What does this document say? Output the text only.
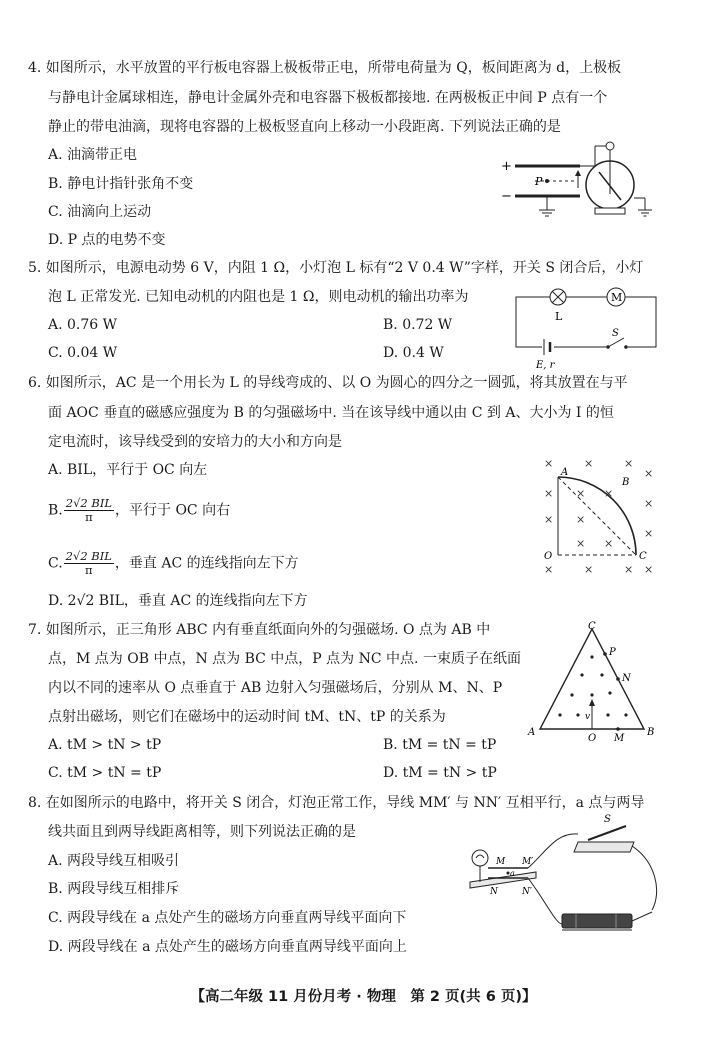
4. 如图所示，水平放置的平行板电容器上极板带正电，所带电荷量为 Q，板间距离为 d，上极板
与静电计金属球相连，静电计金属外壳和电容器下极板都接地. 在两极板正中间 P 点有一个
静止的带电油滴，现将电容器的上极板竖直向上移动一小段距离. 下列说法正确的是
A. 油滴带正电
B. 静电计指针张角不变
C. 油滴向上运动
D. P 点的电势不变
+
−
P
5. 如图所示，电源电动势 6 V，内阻 1 Ω，小灯泡 L 标有“2 V 0.4 W”字样，开关 S 闭合后，小灯
泡 L 正常发光. 已知电动机的内阻也是 1 Ω，则电动机的输出功率为
A. 0.76 W	B. 0.72 W
C. 0.04 W	D. 0.4 W
L
M
E, r
S
6. 如图所示，AC 是一个用长为 L 的导线弯成的、以 O 为圆心的四分之一圆弧，将其放置在与平
面 AOC 垂直的磁感应强度为 B 的匀强磁场中. 当在该导线中通以由 C 到 A、大小为 I 的恒
定电流时，该导线受到的安培力的大小和方向是
A. BIL，平行于 OC 向左
B. $\frac{\text{2√2 BIL}}{\pi}$ ，平行于 OC 向右
C. $\frac{\text{2√2 BIL}}{\pi}$ ，垂直 AC 的连线指向左下方
D. 2√2 BIL，垂直 AC 的连线指向左下方
×	×	×
×
× × ×
×
× ×
×
× ×
×	×	× ×
A
B
C
O
7. 如图所示，正三角形 ABC 内有垂直纸面向外的匀强磁场. O 点为 AB 中
点，M 点为 OB 中点，N 点为 BC 中点，P 点为 NC 中点. 一束质子在纸面
内以不同的速率从 O 点垂直于 AB 边射入匀强磁场后，分别从 M、N、P
点射出磁场，则它们在磁场中的运动时间 tM、tN、tP 的关系为
A. tM > tN > tP	B. tM = tN = tP
C. tM > tN = tP	D. tM = tN > tP
v
C
A	B
O M
N
P
8. 在如图所示的电路中，将开关 S 闭合，灯泡正常工作，导线 MM′ 与 NN′ 互相平行，a 点与两导
线共面且到两导线距离相等，则下列说法正确的是
A. 两段导线互相吸引
B. 两段导线互相排斥
C. 两段导线在 a 点处产生的磁场方向垂直两导线平面向下
D. 两段导线在 a 点处产生的磁场方向垂直两导线平面向上
a
M M′
N	N′
S
【高二年级 11 月份月考 · 物理　第 2 页(共 6 页)】
